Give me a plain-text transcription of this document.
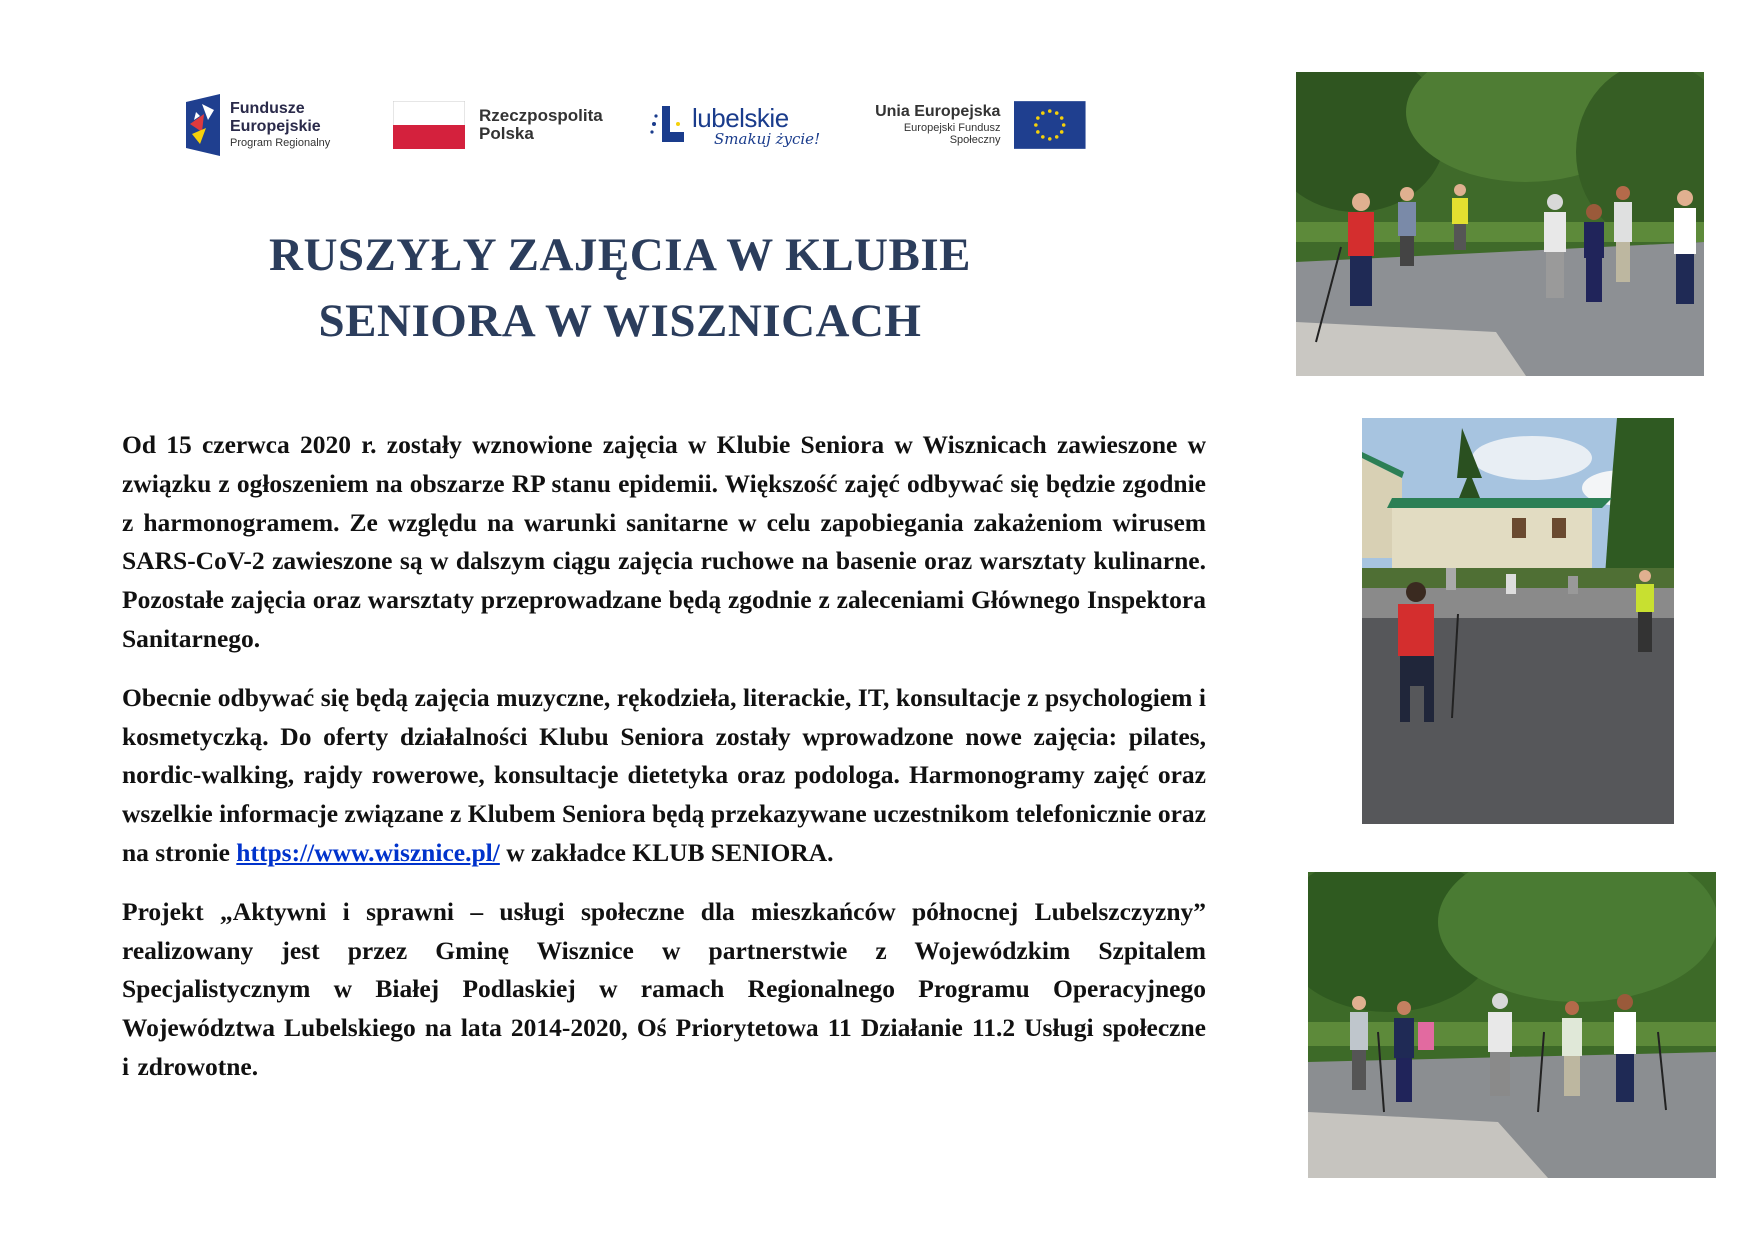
Fundusze
Europejskie
Program Regionalny
Rzeczpospolita
Polska
lubelskie
Smakuj życie!
Unia Europejska
Europejski Fundusz Społeczny
RUSZYŁY ZAJĘCIA W KLUBIE
SENIORA W WISZNICACH

Od 15 czerwca 2020 r. zostały wznowione zajęcia w Klubie Seniora w Wisznicach zawieszone w związku z ogłoszeniem na obszarze RP stanu epidemii. Większość zajęć odbywać się będzie zgodnie z harmonogramem. Ze względu na warunki sanitarne w celu zapobiegania zakażeniom wirusem SARS-CoV-2 zawieszone są w dalszym ciągu zajęcia ruchowe na basenie oraz warsztaty kulinarne. Pozostałe zajęcia oraz warsztaty przeprowadzane będą zgodnie z zaleceniami Głównego Inspektora Sanitarnego.

Obecnie odbywać się będą zajęcia muzyczne, rękodzieła, literackie, IT, konsultacje z psychologiem i kosmetyczką. Do oferty działalności Klubu Seniora zostały wprowadzone nowe zajęcia: pilates, nordic-walking, rajdy rowerowe, konsultacje dietetyka oraz podologa. Harmonogramy zajęć oraz wszelkie informacje związane z Klubem Seniora będą przekazywane uczestnikom telefonicznie oraz na stronie https://www.wisznice.pl/ w zakładce KLUB SENIORA.

Projekt „Aktywni i sprawni – usługi społeczne dla mieszkańców północnej Lubelszczyzny” realizowany jest przez Gminę Wisznice w partnerstwie z Wojewódzkim Szpitalem Specjalistycznym w Białej Podlaskiej w ramach Regionalnego Programu Operacyjnego Województwa Lubelskiego na lata 2014-2020, Oś Priorytetowa 11 Działanie 11.2 Usługi społeczne i zdrowotne.
